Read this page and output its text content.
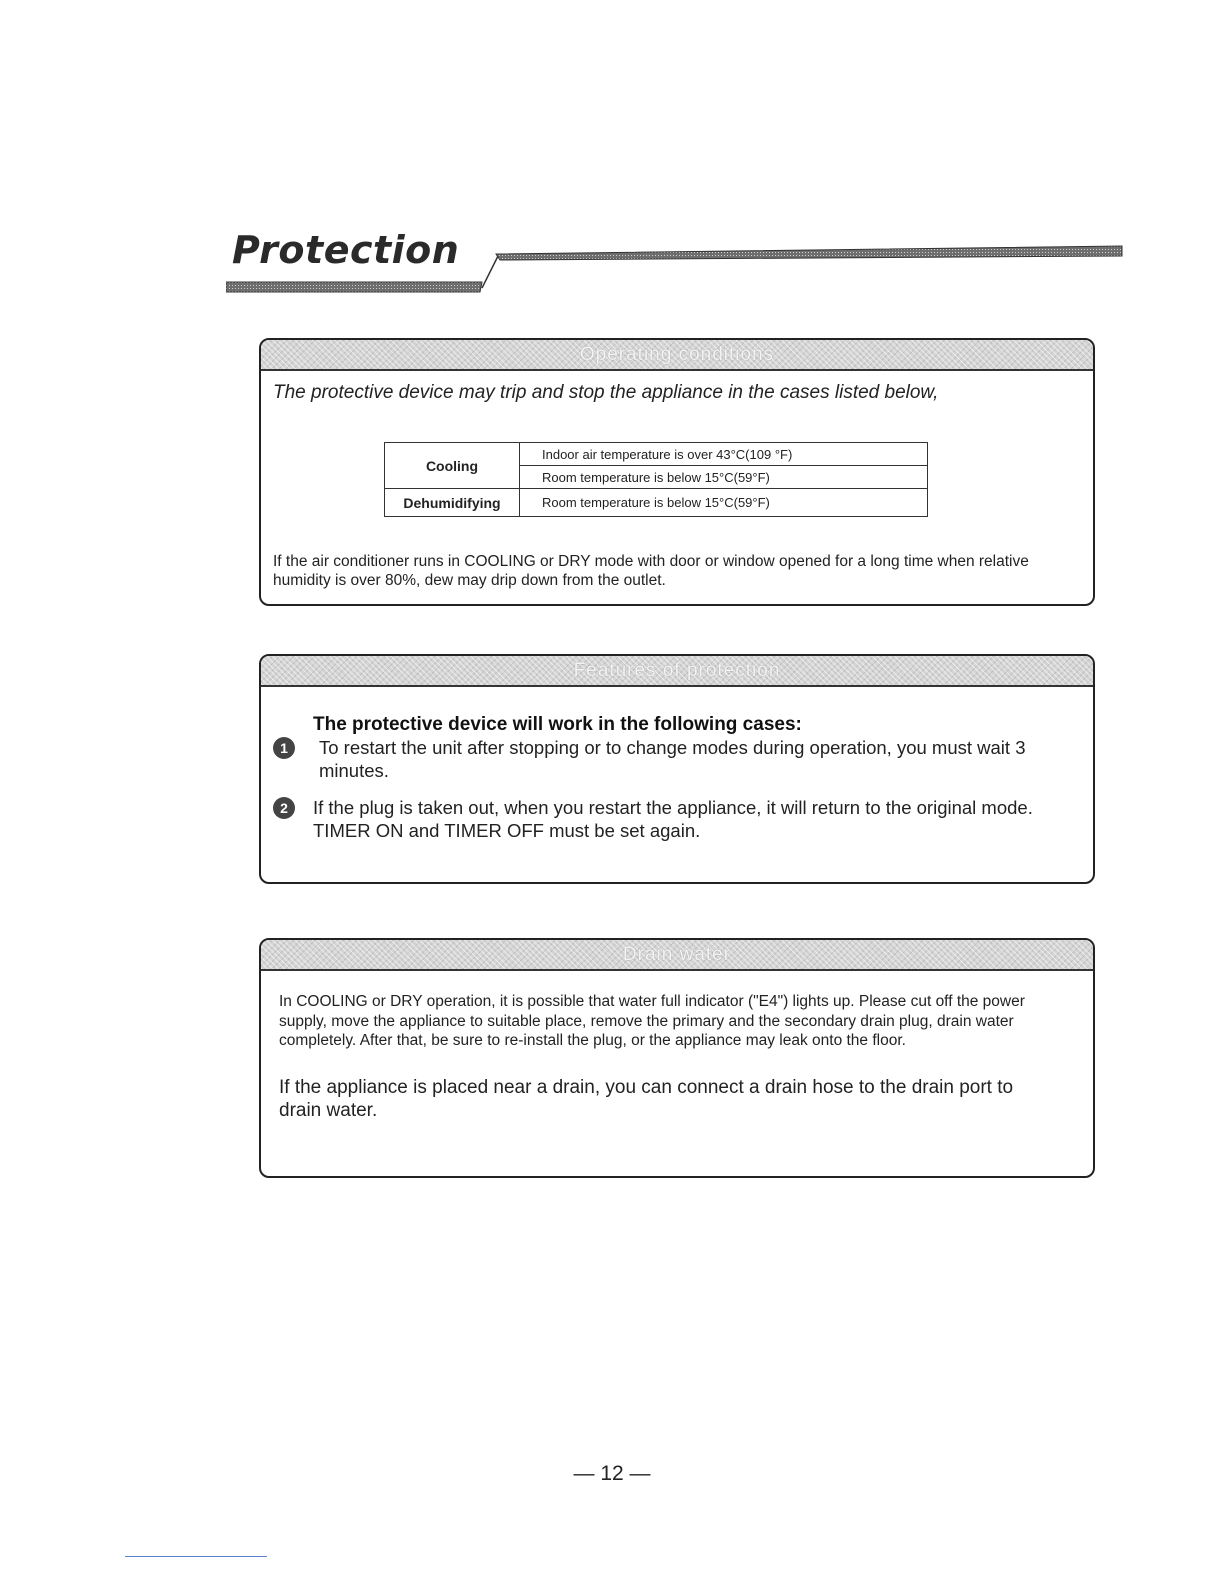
Protection
Operating conditions
The protective device may trip and stop the appliance in the cases listed below,
Cooling	Indoor air temperature is over 43°C(109 °F)
	Room temperature is below 15°C(59°F)
Dehumidifying	Room temperature is below 15°C(59°F)
If the air conditioner runs in COOLING or DRY mode with door or window opened for a long time when relative humidity is over 80%, dew may drip down from the outlet.
Features of protection
The protective device will work in the following cases:
1	To restart the unit after stopping or to change modes during operation, you must wait 3 minutes.
2	If the plug is taken out, when you restart the appliance, it will return to the original mode. TIMER ON and TIMER OFF must be set again.
Drain water
In COOLING or DRY operation, it is possible that water full indicator ("E4") lights up. Please cut off the power supply, move the appliance to suitable place, remove the primary and the secondary drain plug, drain water completely. After that, be sure to re-install the plug, or the appliance may leak onto the floor.
If the appliance is placed near a drain, you can connect a drain hose to the drain port to drain water.
— 12 —
